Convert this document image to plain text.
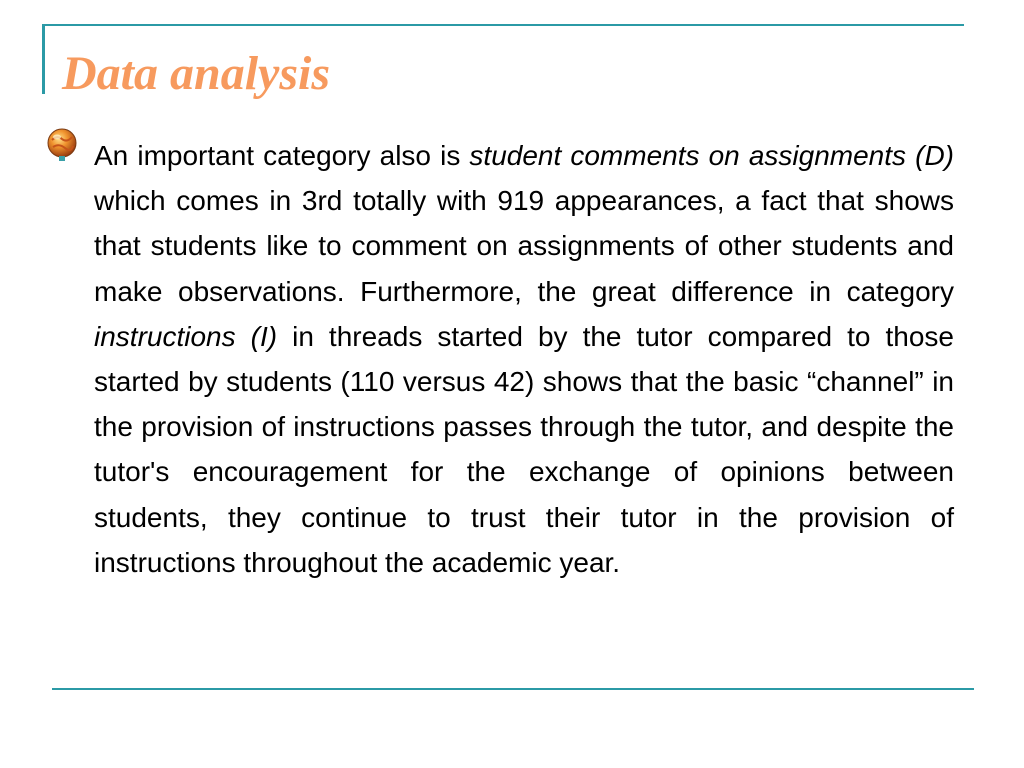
Data analysis

An important category also is student comments on assignments (D) which comes in 3rd totally with 919 appearances, a fact that shows that students like to comment on assignments of other students and make observations. Furthermore, the great difference in category instructions (I) in threads started by the tutor compared to those started by students (110 versus 42) shows that the basic “channel” in the provision of instructions passes through the tutor, and despite the tutor's encouragement for the exchange of opinions between students, they continue to trust their tutor in the provision of instructions throughout the academic year.
